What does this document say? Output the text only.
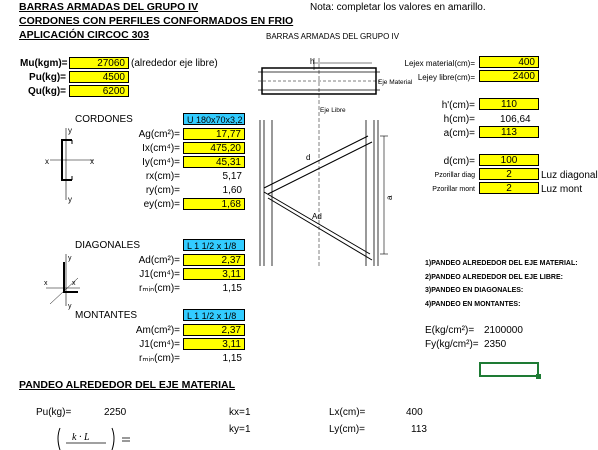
BARRAS ARMADAS DEL GRUPO IV
CORDONES CON PERFILES CONFORMADOS EN FRIO
APLICACIÓN CIRCOC 303
Nota: completar los valores en amarillo.
BARRAS ARMADAS DEL GRUPO IV
Mu(kgm)=	27060 (alrededor eje libre)
Pu(kg)=	4500
Qu(kg)=	6200
CORDONES	U 180x70x3,2
Ag(cm²)=	17,77
Ix(cm⁴)=	475,20
Iy(cm⁴)=	45,31
rx(cm)=	5,17
ry(cm)=	1,60
ey(cm)=	1,68
y
y
x	x
DIAGONALES	L 1 1/2 x 1/8
Ad(cm²)=	2,37
J1(cm⁴)=	3,11
rₘᵢₙ(cm)=	1,15
y
y
x	x
MONTANTES	L 1 1/2 x 1/8
Am(cm²)=	2,37
J1(cm⁴)=	3,11
rₘᵢₙ(cm)=	1,15
h
Eje Material
Eje Libre
d
Ad
a
Lejex material(cm)=	400
Lejey libre(cm)=	2400
h'(cm)=	110
h(cm)=	106,64
a(cm)=	113
d(cm)=	100
Pzorillar diag	2	Luz diagonal
Pzorillar mont	2	Luz mont
1)PANDEO ALREDEDOR DEL EJE MATERIAL:
2)PANDEO ALREDEDOR DEL EJE LIBRE:
3)PANDEO EN DIAGONALES:
4)PANDEO EN MONTANTES:
E(kg/cm²)= 2100000
Fy(kg/cm²)= 2350
PANDEO ALREDEDOR DEL EJE MATERIAL
Pu(kg)=	2250	kx= 1	Lx(cm)=	400
ky= 1	Ly(cm)=	113
k · L
